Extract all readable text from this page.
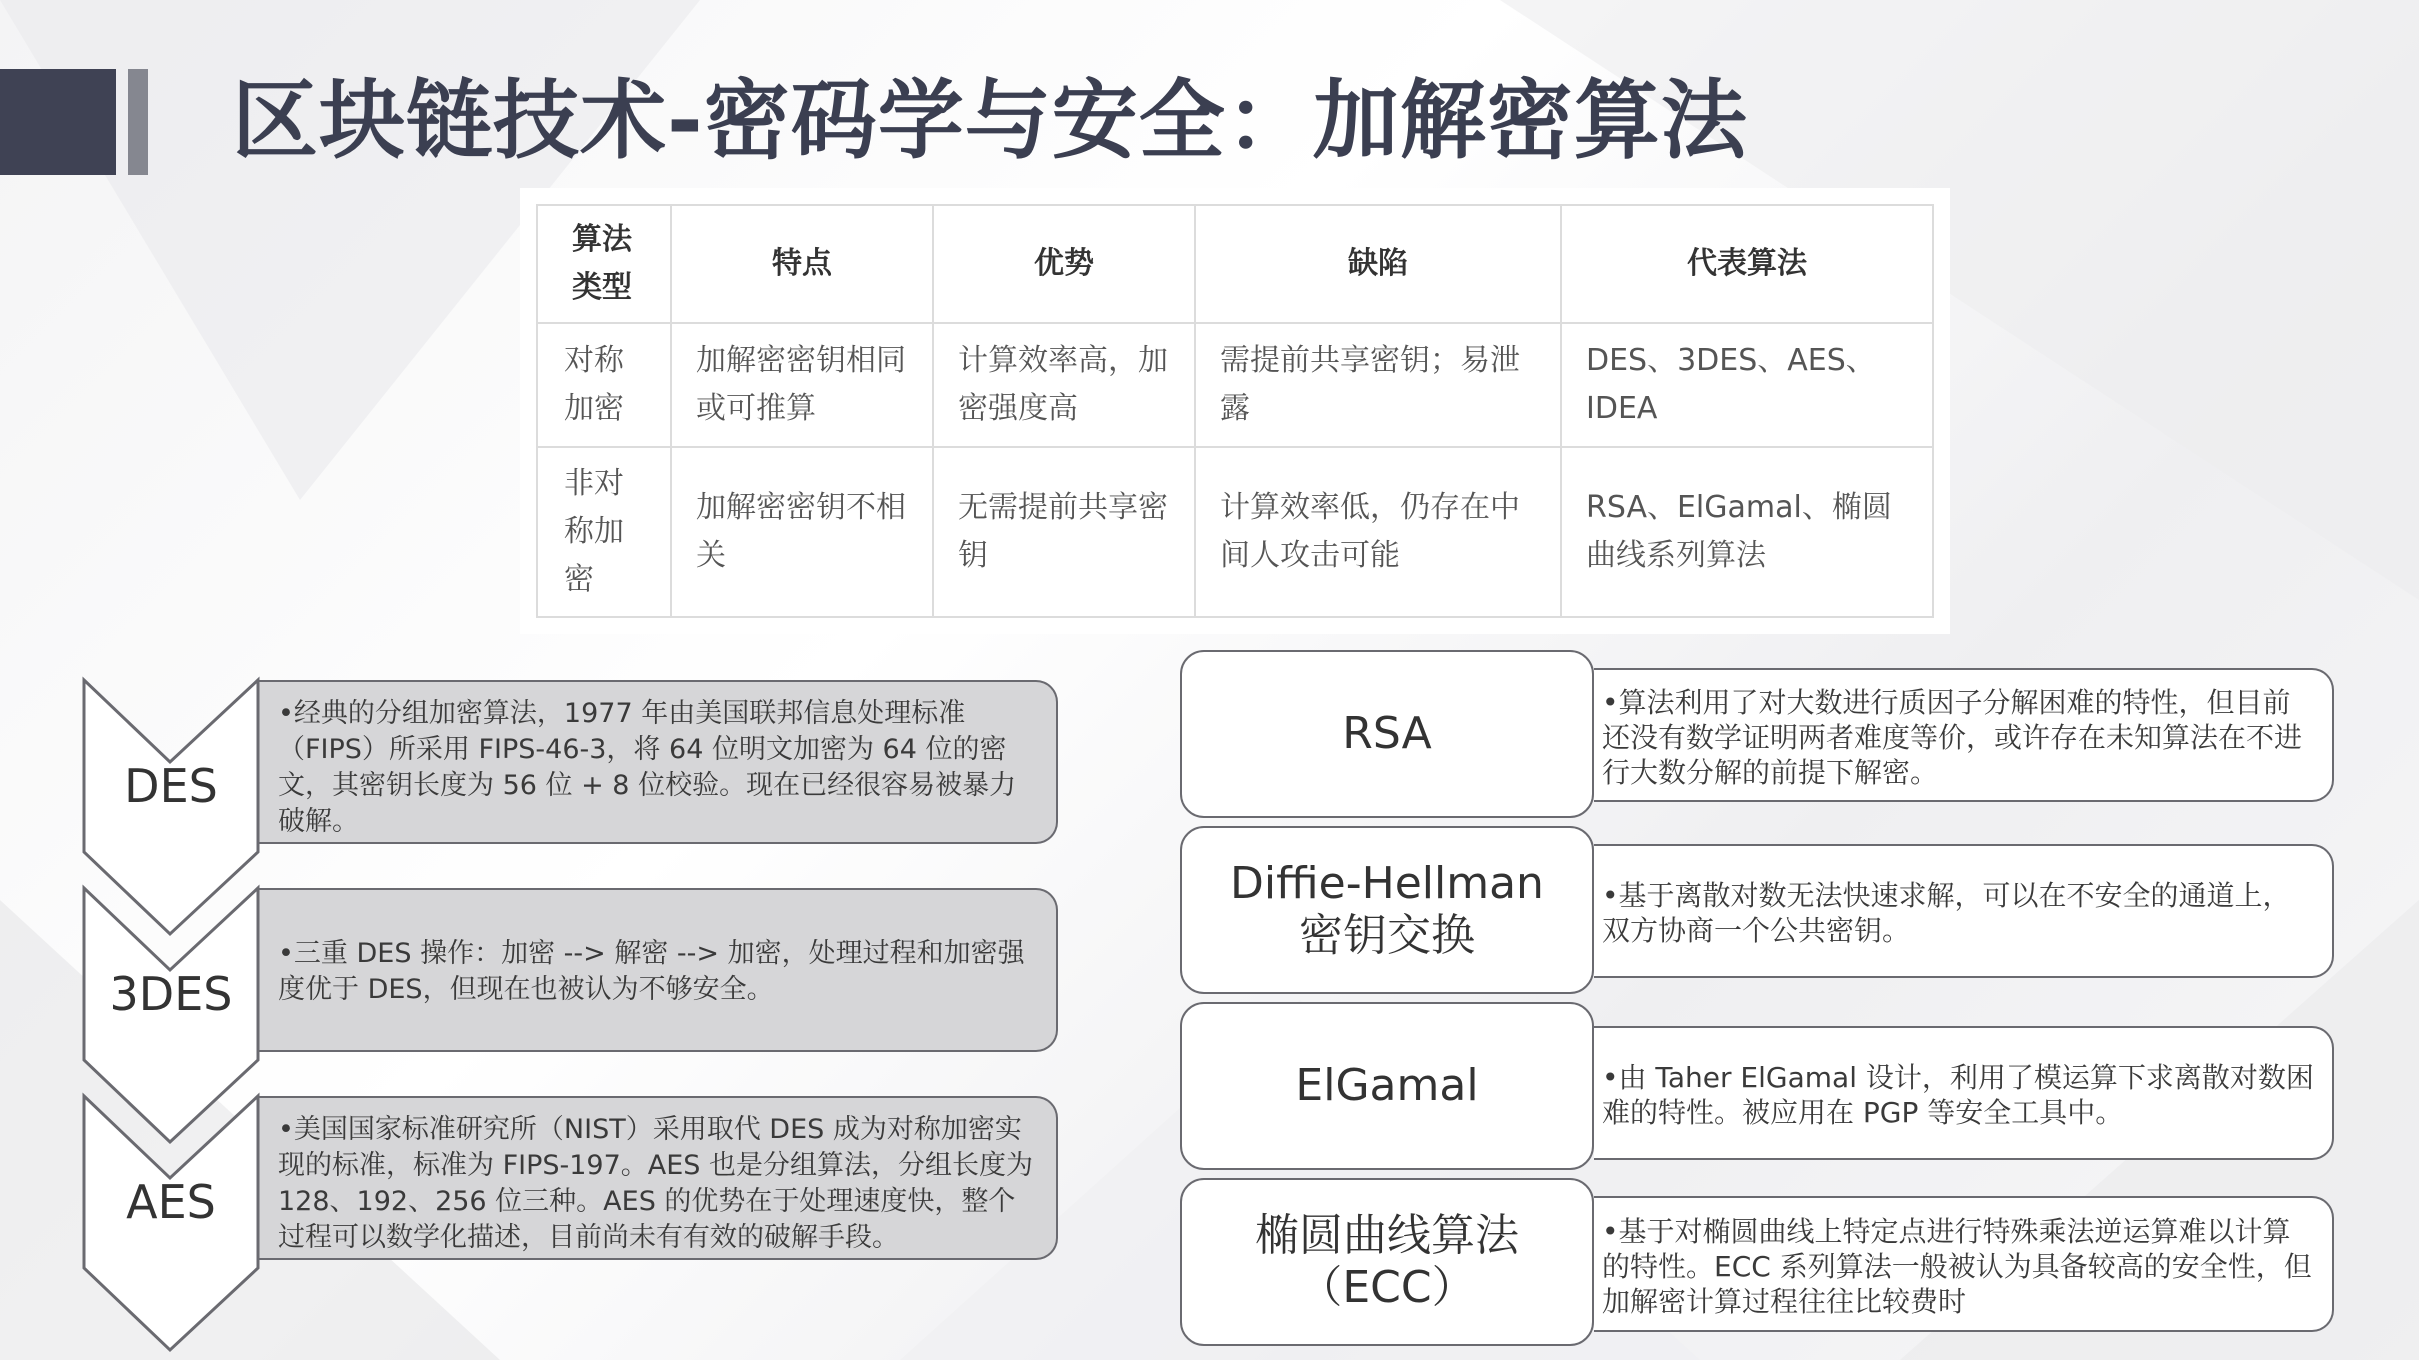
区块链技术-密码学与安全：加解密算法
算法类型	特点	优势	缺陷	代表算法
对称加密	加解密密钥相同或可推算	计算效率高，加密强度高	需提前共享密钥；易泄露	DES、3DES、AES、IDEA
非对称加密	加解密密钥不相关	无需提前共享密钥	计算效率低，仍存在中间人攻击可能	RSA、ElGamal、椭圆曲线系列算法

•经典的分组加密算法，1977 年由美国联邦信息处理标准（FIPS）所采用 FIPS-46-3，将 64 位明文加密为 64 位的密文，其密钥长度为 56 位 + 8 位校验。现在已经很容易被暴力破解。

DES

•三重 DES 操作：加密 --> 解密 --> 加密，处理过程和加密强度优于 DES，但现在也被认为不够安全。

3DES

•美国国家标准研究所（NIST）采用取代 DES 成为对称加密实现的标准，标准为 FIPS-197。AES 也是分组算法，分组长度为 128、192、256 位三种。AES 的优势在于处理速度快，整个过程可以数学化描述，目前尚未有有效的破解手段。

AES

•算法利用了对大数进行质因子分解困难的特性，但目前还没有数学证明两者难度等价，或许存在未知算法在不进行大数分解的前提下解密。

RSA

•基于离散对数无法快速求解，可以在不安全的通道上，双方协商一个公共密钥。

Diffie-Hellman 密钥交换

•由 Taher ElGamal 设计，利用了模运算下求离散对数困难的特性。被应用在 PGP 等安全工具中。

ElGamal

•基于对椭圆曲线上特定点进行特殊乘法逆运算难以计算的特性。ECC 系列算法一般被认为具备较高的安全性，但加解密计算过程往往比较费时

椭圆曲线算法（ECC）
